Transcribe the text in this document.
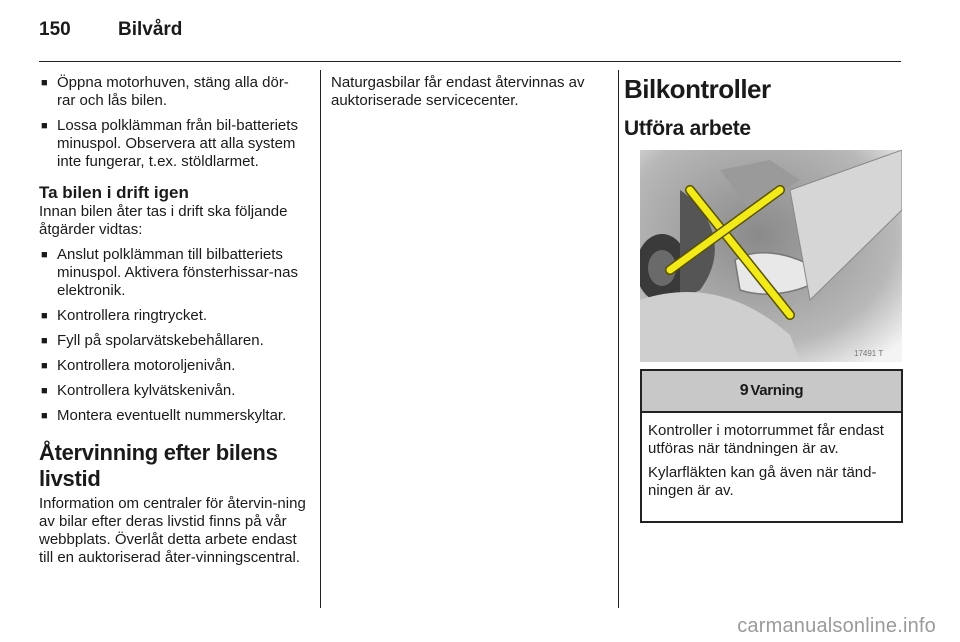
150 Bilvård
■ Öppna motorhuven, stäng alla dör-rar och lås bilen.
■ Lossa polklämman från bil-batteriets minuspol. Observera att alla system inte fungerar, t.ex. stöldlarmet.
Ta bilen i drift igen

Innan bilen åter tas i drift ska följande åtgärder vidtas:

■ Anslut polklämman till bilbatteriets minuspol. Aktivera fönsterhissar-nas elektronik.
■ Kontrollera ringtrycket.
■ Fyll på spolarvätskebehållaren.
■ Kontrollera motoroljenivån.
■ Kontrollera kylvätskenivån.
■ Montera eventuellt nummerskyltar.
Återvinning efter bilens livstid

Information om centraler för återvin-ning av bilar efter deras livstid finns på vår webbplats. Överlåt detta arbete endast till en auktoriserad åter-vinningscentral.

Naturgasbilar får endast återvinnas av auktoriserade servicecenter.	Bilkontroller
Utföra arbete
17491 T
9 Varning

Kontroller i motorrummet får endast utföras när tändningen är av.

Kylarfläkten kan gå även när tänd-ningen är av.

carmanualsonline.info
